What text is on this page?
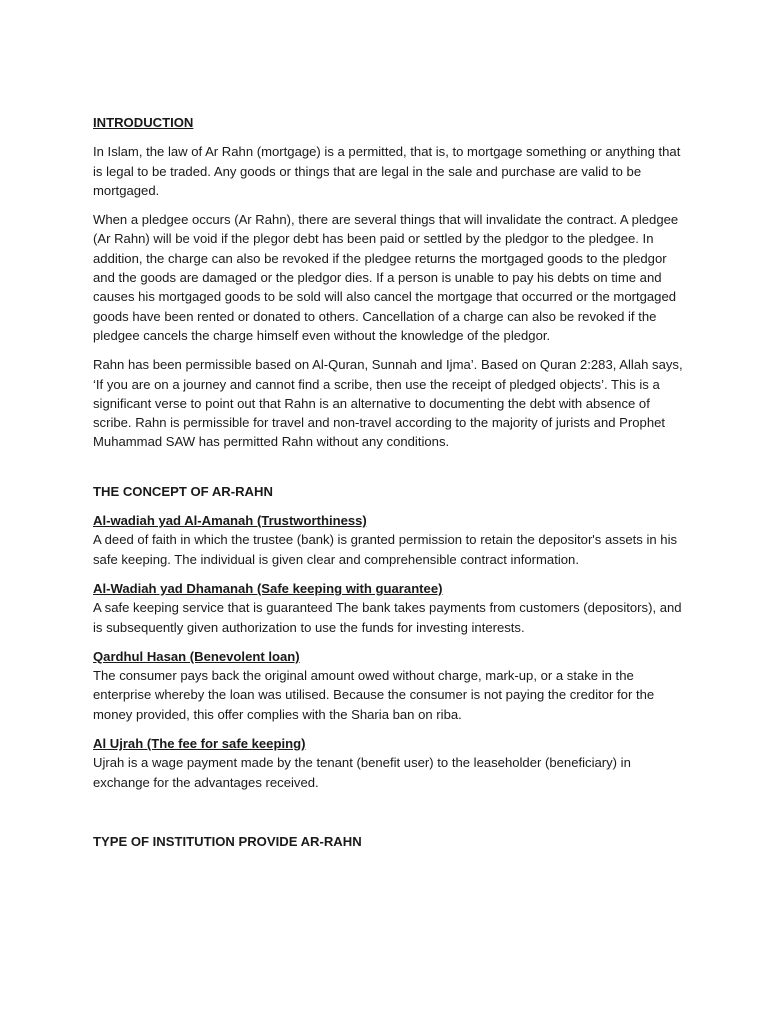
INTRODUCTION

In Islam, the law of Ar Rahn (mortgage) is a permitted, that is, to mortgage something or anything that is legal to be traded. Any goods or things that are legal in the sale and purchase are valid to be mortgaged.

When a pledgee occurs (Ar Rahn), there are several things that will invalidate the contract. A pledgee (Ar Rahn) will be void if the plegor debt has been paid or settled by the pledgor to the pledgee. In addition, the charge can also be revoked if the pledgee returns the mortgaged goods to the pledgor and the goods are damaged or the pledgor dies. If a person is unable to pay his debts on time and causes his mortgaged goods to be sold will also cancel the mortgage that occurred or the mortgaged goods have been rented or donated to others. Cancellation of a charge can also be revoked if the pledgee cancels the charge himself even without the knowledge of the pledgor.

Rahn has been permissible based on Al-Quran, Sunnah and Ijma’. Based on Quran 2:283, Allah says, ‘If you are on a journey and cannot find a scribe, then use the receipt of pledged objects’. This is a significant verse to point out that Rahn is an alternative to documenting the debt with absence of scribe. Rahn is permissible for travel and non-travel according to the majority of jurists and Prophet Muhammad SAW has permitted Rahn without any conditions.

THE CONCEPT OF AR-RAHN

Al-wadiah yad Al-Amanah (Trustworthiness)

A deed of faith in which the trustee (bank) is granted permission to retain the depositor's assets in his safe keeping. The individual is given clear and comprehensible contract information.

Al-Wadiah yad Dhamanah (Safe keeping with guarantee)

A safe keeping service that is guaranteed The bank takes payments from customers (depositors), and is subsequently given authorization to use the funds for investing interests.

Qardhul Hasan (Benevolent loan)

The consumer pays back the original amount owed without charge, mark-up, or a stake in the enterprise whereby the loan was utilised. Because the consumer is not paying the creditor for the money provided, this offer complies with the Sharia ban on riba.

Al Ujrah (The fee for safe keeping)

Ujrah is a wage payment made by the tenant (benefit user) to the leaseholder (beneficiary) in exchange for the advantages received.

TYPE OF INSTITUTION PROVIDE AR-RAHN
